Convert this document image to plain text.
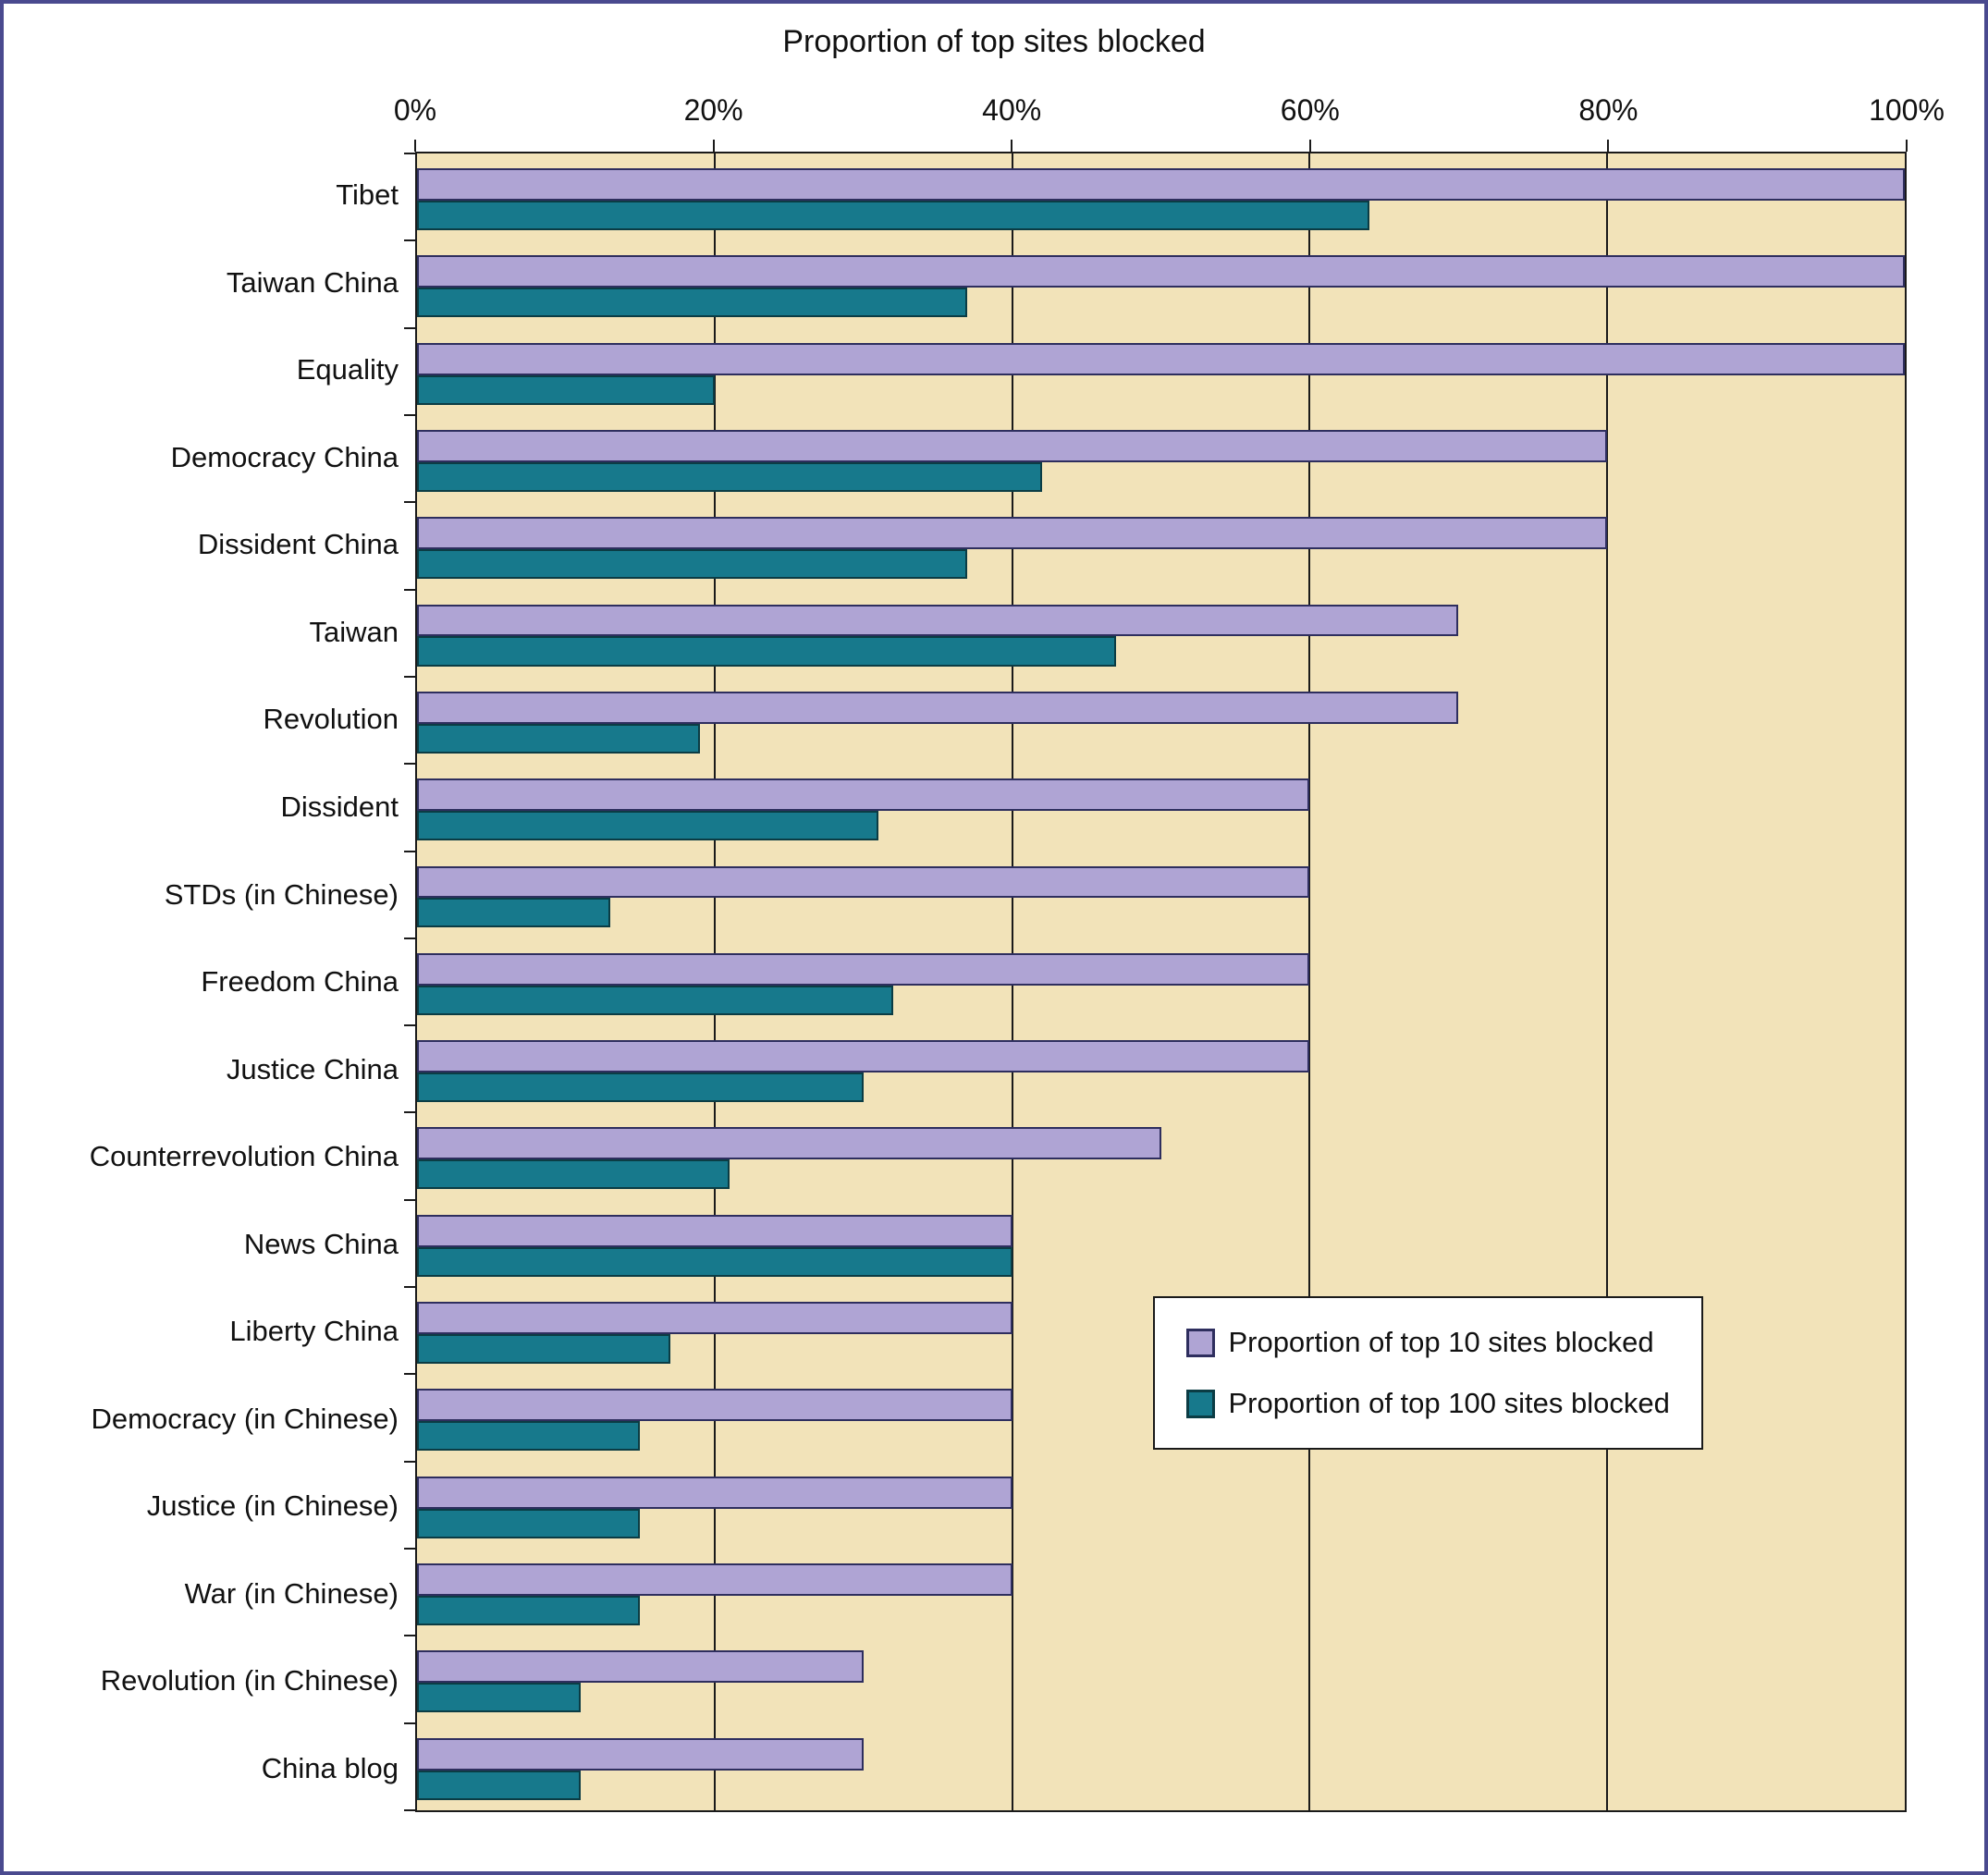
Proportion of top sites blocked
0%	20%	40%	60%	80%	100%
Tibet
Taiwan China
Equality
Democracy China
Dissident China
Taiwan
Revolution
Dissident
STDs (in Chinese)
Freedom China
Justice China
Counterrevolution China
News China
Liberty China
Democracy (in Chinese)
Justice (in Chinese)
War (in Chinese)
Revolution (in Chinese)
China blog
Proportion of top 10 sites blocked
Proportion of top 100 sites blocked
